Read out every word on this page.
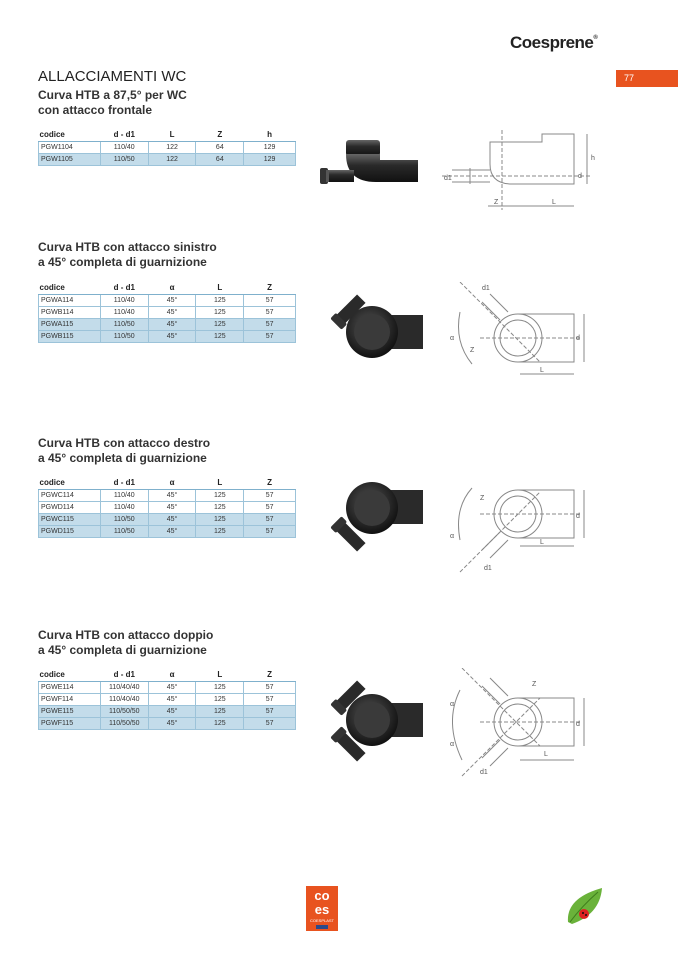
Coesprene®
77
ALLACCIAMENTI WC
Curva HTB a 87,5° per WC
con attacco frontale
codice	d - d1	L	Z	h
PGW1104	110/40	122	64	129
PGW1105	110/50	122	64	129	h
d
d1
Z	L
Curva HTB con attacco sinistro
a 45° completa di guarnizione
codice	d - d1	α	L	Z
PGWA114	110/40	45°	125	57
PGWB114	110/40	45°	125	57
PGWA115	110/50	45°	125	57
PGWB115	110/50	45°	125	57	α
Z
d1
d
L
Curva HTB con attacco destro
a 45° completa di guarnizione
codice	d - d1	α	L	Z
PGWC114	110/40	45°	125	57
PGWD114	110/40	45°	125	57
PGWC115	110/50	45°	125	57
PGWD115	110/50	45°	125	57
α
Z
d1
d
L
Curva HTB con attacco doppio
a 45° completa di guarnizione
codice	d - d1	α	L	Z
PGWE114	110/40/40	45°	125	57
PGWF114	110/40/40	45°	125	57
PGWE115	110/50/50	45°	125	57
PGWF115	110/50/50	45°	125	57
α
α
Z
d
L
d1
co
es
COESPLAST
